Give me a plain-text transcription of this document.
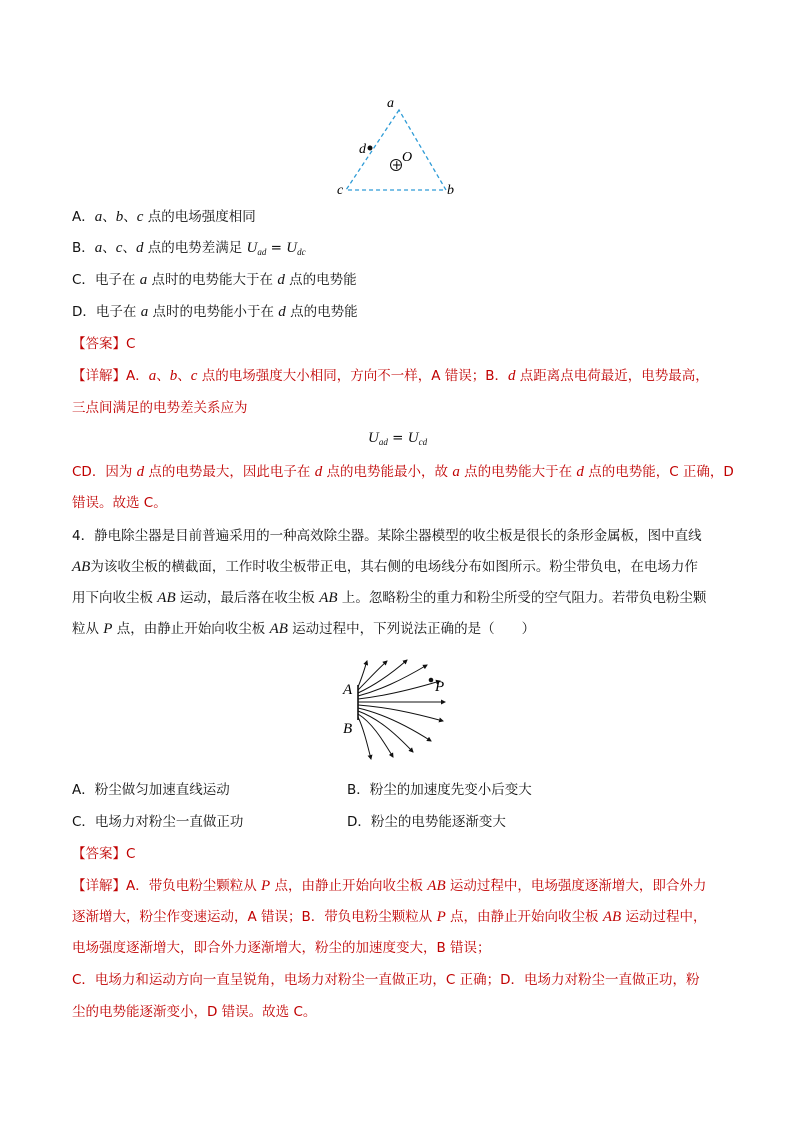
+
a
b
c
d
O
A．a、b、c 点的电场强度相同
B．a、c、d 点的电势差满足 $U_{ad} = U_{dc}$
C．电子在 a 点时的电势能大于在 d 点的电势能
D．电子在 a 点时的电势能小于在 d 点的电势能
【答案】C
【详解】A．a、b、c 点的电场强度大小相同，方向不一样，A 错误；B．d 点距离点电荷最近，电势最高，
三点间满足的电势差关系应为
$U_{ad} = U_{cd}$
CD．因为 d 点的电势最大，因此电子在 d 点的电势能最小，故 a 点的电势能大于在 d 点的电势能，C 正确，D
错误。故选 C。
4．静电除尘器是目前普遍采用的一种高效除尘器。某除尘器模型的收尘板是很长的条形金属板，图中直线
AB为该收尘板的横截面，工作时收尘板带正电，其右侧的电场线分布如图所示。粉尘带负电，在电场力作
用下向收尘板 AB 运动，最后落在收尘板 AB 上。忽略粉尘的重力和粉尘所受的空气阻力。若带负电粉尘颗
粒从 P 点，由静止开始向收尘板 AB 运动过程中，下列说法正确的是（　　）
A
B
P
A．粉尘做匀加速直线运动	B．粉尘的加速度先变小后变大
C．电场力对粉尘一直做正功	D．粉尘的电势能逐渐变大
【答案】C
【详解】A．带负电粉尘颗粒从 P 点，由静止开始向收尘板 AB 运动过程中，电场强度逐渐增大，即合外力
逐渐增大，粉尘作变速运动，A 错误；B．带负电粉尘颗粒从 P 点，由静止开始向收尘板 AB 运动过程中，
电场强度逐渐增大，即合外力逐渐增大，粉尘的加速度变大，B 错误；
C．电场力和运动方向一直呈锐角，电场力对粉尘一直做正功，C 正确；D．电场力对粉尘一直做正功，粉
尘的电势能逐渐变小，D 错误。故选 C。
